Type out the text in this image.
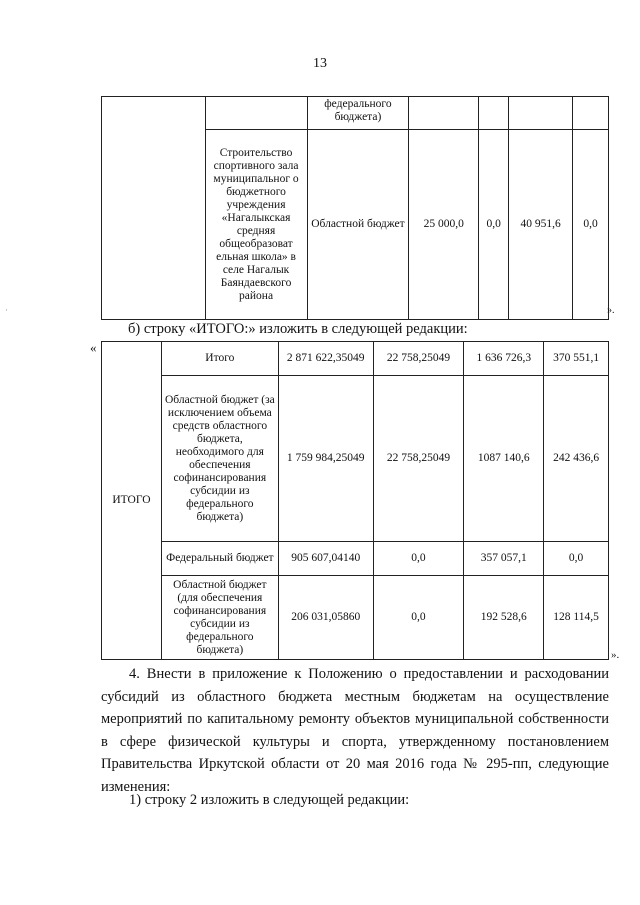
13
·
		федерального бюджета)				
	Строительство спортивного зала муниципальног о бюджетного учреждения «Нагалыкская средняя общеобразоват ельная школа» в селе Нагалык Баяндаевского района	Областной бюджет	25 000,0	0,0	40 951,6	0,0
».
б) строку «ИТОГО:» изложить в следующей редакции:
«
ИТОГО	Итого	2 871 622,35049	22 758,25049	1 636 726,3	370 551,1
	Областной бюджет (за исключением объема средств областного бюджета, необходимого для обеспечения софинансирования субсидии из федерального бюджета)	1 759 984,25049	22 758,25049	1087 140,6	242 436,6
	Федеральный бюджет	905 607,04140	0,0	357 057,1	0,0
	Областной бюджет (для обеспечения софинансирования субсидии из федерального бюджета)	206 031,05860	0,0	192 528,6	128 114,5
».
4. Внести в приложение к Положению о предоставлении и расходовании субсидий из областного бюджета местным бюджетам на осуществление мероприятий по капитальному ремонту объектов муниципальной собственности в сфере физической культуры и спорта, утвержденному постановлением Правительства Иркутской области от 20 мая 2016 года № 295-пп, следующие изменения:
1) строку 2 изложить в следующей редакции:
